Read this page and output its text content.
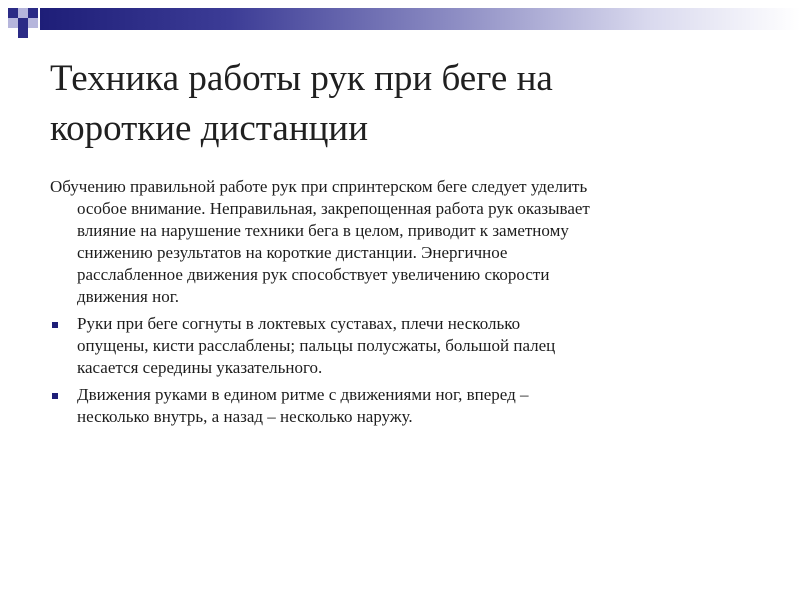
Техника работы рук при беге на
короткие дистанции

Обучению правильной работе рук при спринтерском беге следует уделить
особое внимание. Неправильная, закрепощенная работа рук оказывает
влияние на нарушение техники бега в целом, приводит к заметному
снижению результатов на короткие дистанции. Энергичное
расслабленное движения рук способствует увеличению скорости
движения ног.

Руки при беге согнуты в локтевых суставах, плечи несколько
опущены, кисти расслаблены; пальцы полусжаты, большой палец
касается середины указательного.
Движения руками в едином ритме с движениями ног, вперед –
несколько внутрь, а назад – несколько наружу.
